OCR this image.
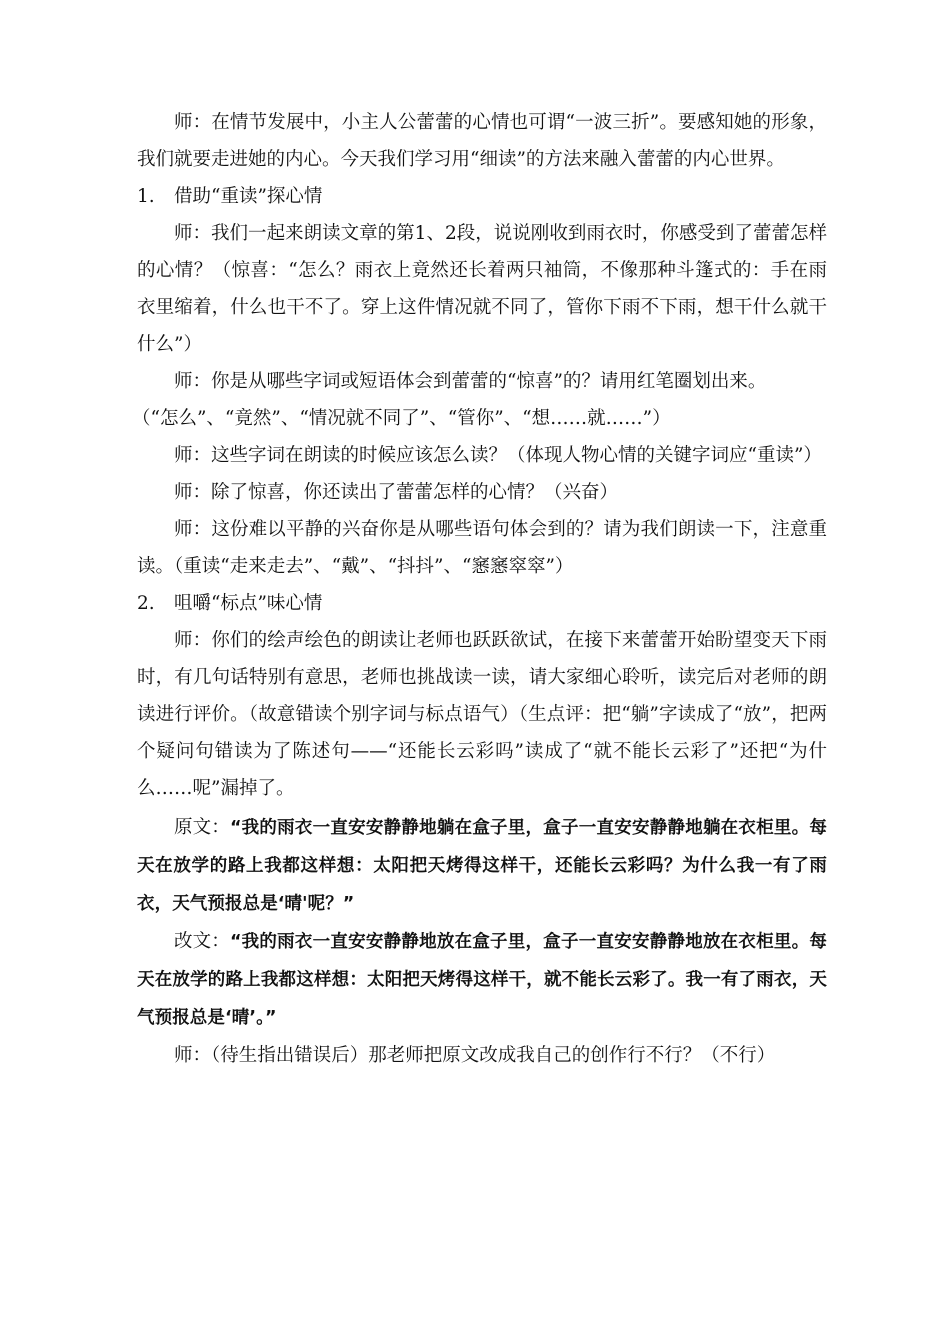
师：在情节发展中，小主人公蕾蕾的心情也可谓“一波三折”。要感知她的形象，我们就要走进她的内心。今天我们学习用“细读”的方法来融入蕾蕾的内心世界。

1.	借助“重读”探心情

师：我们一起来朗读文章的第1、2段，说说刚收到雨衣时，你感受到了蕾蕾怎样的心情？（惊喜：“怎么？雨衣上竟然还长着两只袖筒，不像那种斗篷式的：手在雨衣里缩着，什么也干不了。穿上这件情况就不同了，管你下雨不下雨，想干什么就干什么”）

师：你是从哪些字词或短语体会到蕾蕾的“惊喜”的？请用红笔圈划出来。

（“怎么”、“竟然”、“情况就不同了”、“管你”、“想……就……”）

师：这些字词在朗读的时候应该怎么读？（体现人物心情的关键字词应“重读”）

师：除了惊喜，你还读出了蕾蕾怎样的心情？（兴奋）

师：这份难以平静的兴奋你是从哪些语句体会到的？请为我们朗读一下，注意重读。（重读“走来走去”、“戴”、“抖抖”、“窸窸窣窣”）

2.	咀嚼“标点”味心情

师：你们的绘声绘色的朗读让老师也跃跃欲试，在接下来蕾蕾开始盼望变天下雨时，有几句话特别有意思，老师也挑战读一读，请大家细心聆听，读完后对老师的朗读进行评价。（故意错读个别字词与标点语气）（生点评：把“躺”字读成了“放”，把两个疑问句错读为了陈述句——“还能长云彩吗”读成了“就不能长云彩了”还把“为什么……呢”漏掉了。

原文：“我的雨衣一直安安静静地躺在盒子里，盒子一直安安静静地躺在衣柜里。每天在放学的路上我都这样想：太阳把天烤得这样干，还能长云彩吗？为什么我一有了雨衣，天气预报总是‘晴'呢？”

改文：“我的雨衣一直安安静静地放在盒子里，盒子一直安安静静地放在衣柜里。每天在放学的路上我都这样想：太阳把天烤得这样干，就不能长云彩了。我一有了雨衣，天气预报总是‘晴’。”

师：（待生指出错误后）那老师把原文改成我自己的创作行不行？（不行）
